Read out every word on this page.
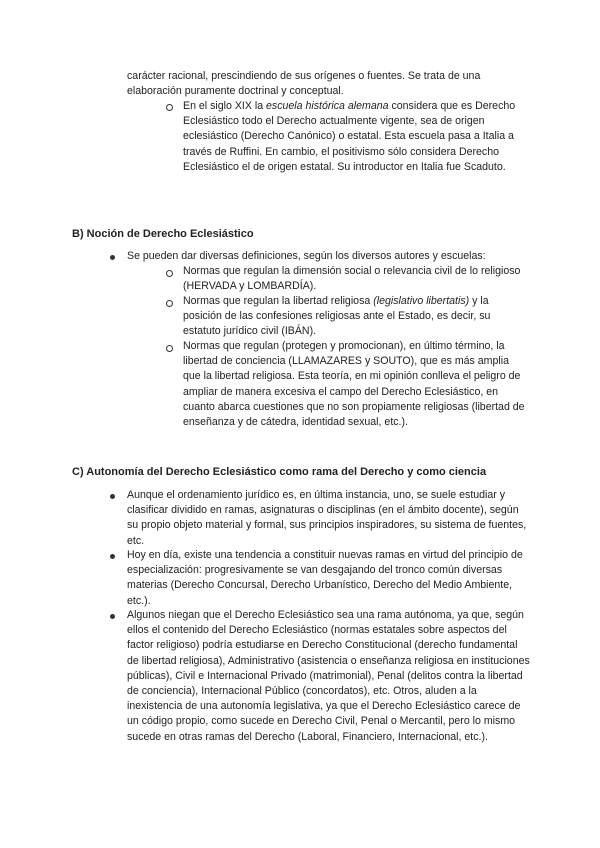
carácter racional, prescindiendo de sus orígenes o fuentes. Se trata de una elaboración puramente doctrinal y conceptual.

En el siglo XIX la escuela histórica alemana considera que es Derecho Eclesiástico todo el Derecho actualmente vigente, sea de origen eclesiástico (Derecho Canónico) o estatal. Esta escuela pasa a Italia a través de Ruffini. En cambio, el positivismo sólo considera Derecho Eclesiástico el de origen estatal. Su introductor en Italia fue Scaduto.

B) Noción de Derecho Eclesiástico

Se pueden dar diversas definiciones, según los diversos autores y escuelas:

Normas que regulan la dimensión social o relevancia civil de lo religioso (HERVADA y LOMBARDÍA).

Normas que regulan la libertad religiosa (legislativo libertatis) y la posición de las confesiones religiosas ante el Estado, es decir, su estatuto jurídico civil (IBÁN).

Normas que regulan (protegen y promocionan), en último término, la libertad de conciencia (LLAMAZARES y SOUTO), que es más amplia que la libertad religiosa. Esta teoría, en mi opinión conlleva el peligro de ampliar de manera excesiva el campo del Derecho Eclesiástico, en cuanto abarca cuestiones que no son propiamente religiosas (libertad de enseñanza y de cátedra, identidad sexual, etc.).

C) Autonomía del Derecho Eclesiástico como rama del Derecho y como ciencia

Aunque el ordenamiento jurídico es, en última instancia, uno, se suele estudiar y clasificar dividido en ramas, asignaturas o disciplinas (en el ámbito docente), según su propio objeto material y formal, sus principios inspiradores, su sistema de fuentes, etc.

Hoy en día, existe una tendencia a constituir nuevas ramas en virtud del principio de especialización: progresivamente se van desgajando del tronco común diversas materias (Derecho Concursal, Derecho Urbanístico, Derecho del Medio Ambiente, etc.).

Algunos niegan que el Derecho Eclesiástico sea una rama autónoma, ya que, según ellos el contenido del Derecho Eclesiástico (normas estatales sobre aspectos del factor religioso) podría estudiarse en Derecho Constitucional (derecho fundamental de libertad religiosa), Administrativo (asistencia o enseñanza religiosa en instituciones públicas), Civil e Internacional Privado (matrimonial), Penal (delitos contra la libertad de conciencia), Internacional Público (concordatos), etc. Otros, aluden a la inexistencia de una autonomía legislativa, ya que el Derecho Eclesiástico carece de un código propio, como sucede en Derecho Civil, Penal o Mercantil, pero lo mismo sucede en otras ramas del Derecho (Laboral, Financiero, Internacional, etc.).
